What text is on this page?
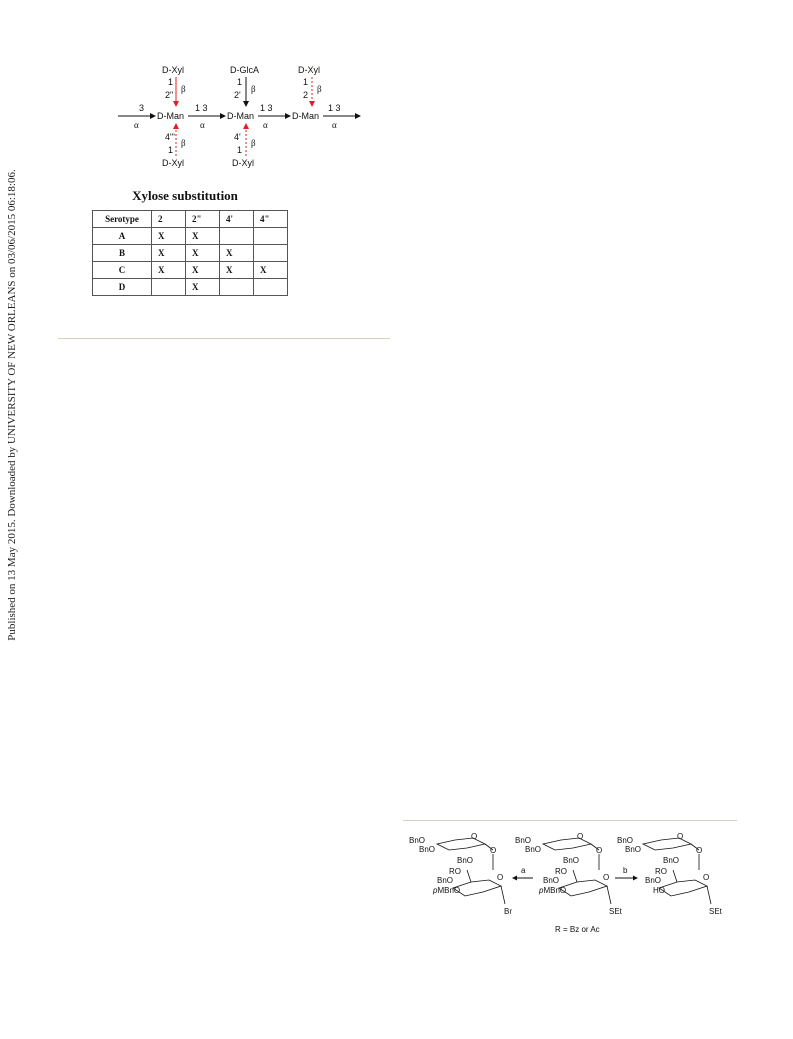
Published on 13 May 2015. Downloaded by UNIVERSITY OF NEW ORLEANS on 03/06/2015 06:18:06.
3
α
D-Man
1 3
α
D-Man
1 3
α
D-Man
1 3
α
D-Xyl
1
2"
β
D-GlcA
1
2'
β
D-Xyl
1
2
β
4"'
1
β
D-Xyl
4'
1
β
D-Xyl
Xylose substitution
Serotype	2	2"	4'	4"
A	X	X		
B	X	X	X	
C	X	X	X	X
D		X		
BnO
BnO
O
BnO
O
RO
BnO	O
pMBnO
Br
a
BnO
BnO
O
BnO
O
RO
BnO	O
pMBnO
SEt
b
BnO
BnO
O
BnO
O
RO
BnO	O
HO
SEt
R = Bz or Ac
